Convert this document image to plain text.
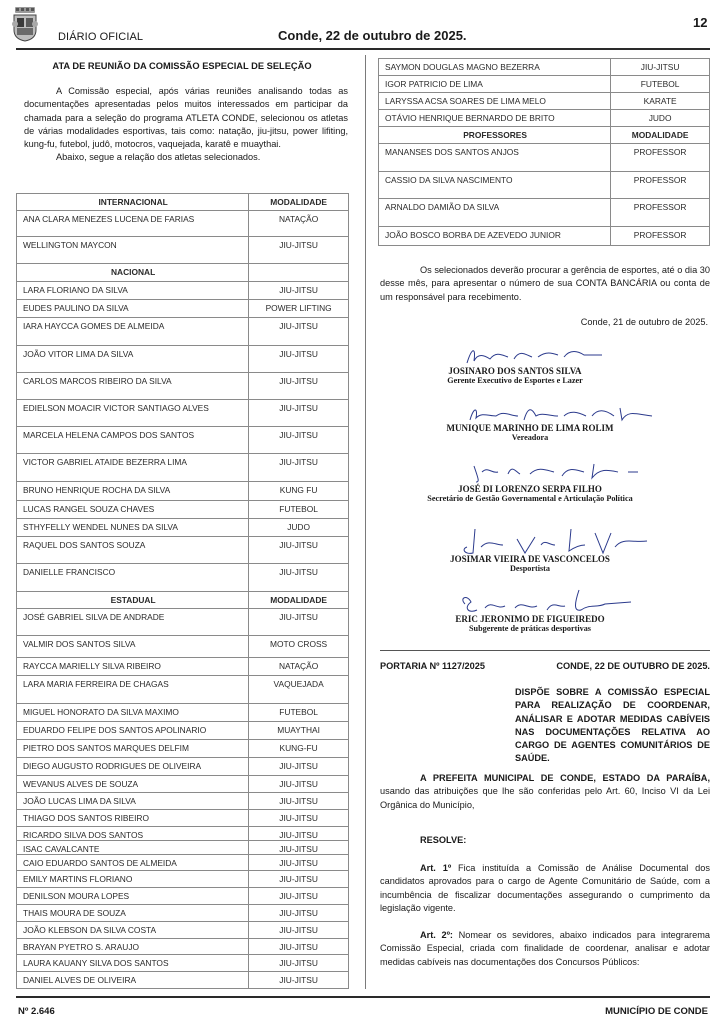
DIÁRIO OFICIAL	Conde, 22 de outubro de 2025.
12
ATA DE REUNIÃO DA COMISSÃO ESPECIAL DE SELEÇÃO
A Comissão especial, após várias reuniões analisando todas as documentações apresentadas pelos muitos interessados em participar da chamada para a seleção do programa ATLETA CONDE, selecionou os atletas de várias modalidades esportivas, tais como: natação, jiu-jitsu, power lifiting, kung-fu, futebol, judô, motocros, vaquejada, karatê e muaythai.
Abaixo, segue a relação dos atletas selecionados.
INTERNACIONAL	MODALIDADE
ANA CLARA MENEZES LUCENA DE FARIAS	NATAÇÃO
WELLINGTON MAYCON	JIU-JITSU
NACIONAL	
LARA FLORIANO DA SILVA	JIU-JITSU
EUDES PAULINO DA SILVA	POWER LIFTING
IARA HAYCCA GOMES DE ALMEIDA	JIU-JITSU
JOÃO VITOR LIMA DA SILVA	JIU-JITSU
CARLOS MARCOS RIBEIRO DA SILVA	JIU-JITSU
EDIELSON MOACIR VICTOR SANTIAGO ALVES	JIU-JITSU
MARCELA HELENA CAMPOS DOS SANTOS	JIU-JITSU
VICTOR GABRIEL ATAIDE BEZERRA LIMA	JIU-JITSU
BRUNO HENRIQUE ROCHA DA SILVA	KUNG FU
LUCAS RANGEL SOUZA CHAVES	FUTEBOL
STHYFELLY WENDEL NUNES DA SILVA	JUDO
RAQUEL DOS SANTOS SOUZA	JIU-JITSU
DANIELLE FRANCISCO	JIU-JITSU
ESTADUAL	MODALIDADE
JOSÉ GABRIEL SILVA DE ANDRADE	JIU-JITSU
VALMIR DOS SANTOS SILVA	MOTO CROSS
RAYCCA MARIELLY SILVA RIBEIRO	NATAÇÃO
LARA MARIA FERREIRA DE CHAGAS	VAQUEJADA
MIGUEL HONORATO DA SILVA MAXIMO	FUTEBOL
EDUARDO FELIPE DOS SANTOS APOLINARIO	MUAYTHAI
PIETRO DOS SANTOS MARQUES DELFIM	KUNG-FU
DIEGO AUGUSTO RODRIGUES DE OLIVEIRA	JIU-JITSU
WEVANUS ALVES DE SOUZA	JIU-JITSU
JOÃO LUCAS LIMA DA SILVA	JIU-JITSU
THIAGO DOS SANTOS RIBEIRO	JIU-JITSU
RICARDO SILVA DOS SANTOS	JIU-JITSU
ISAC CAVALCANTE	JIU-JITSU
CAIO EDUARDO SANTOS DE ALMEIDA	JIU-JITSU
EMILY MARTINS FLORIANO	JIU-JITSU
DENILSON MOURA LOPES	JIU-JITSU
THAIS MOURA DE SOUZA	JIU-JITSU
JOÃO KLEBSON DA SILVA COSTA	JIU-JITSU
BRAYAN PYETRO S. ARAUJO	JIU-JITSU
LAURA KAUANY SILVA DOS SANTOS	JIU-JITSU
DANIEL ALVES DE OLIVEIRA	JIU-JITSU
SAYMON DOUGLAS MAGNO BEZERRA	JIU-JITSU
IGOR PATRICIO DE LIMA	FUTEBOL
LARYSSA ACSA SOARES DE LIMA MELO	KARATE
OTÁVIO HENRIQUE BERNARDO DE BRITO	JUDO
PROFESSORES	MODALIDADE
MANANSES DOS SANTOS ANJOS	PROFESSOR
CASSIO DA SILVA NASCIMENTO	PROFESSOR
ARNALDO DAMIÃO DA SILVA	PROFESSOR
JOÃO BOSCO BORBA DE AZEVEDO JUNIOR	PROFESSOR
Os selecionados deverão procurar a gerência de esportes, até o dia 30 desse mês, para apresentar o número de sua CONTA BANCÁRIA ou conta de um responsável para recebimento.
Conde, 21 de outubro de 2025.
JOSINARO DOS SANTOS SILVA
Gerente Executivo de Esportes e Lazer
MUNIQUE MARINHO DE LIMA ROLIM
Vereadora
JOSÉ DI LORENZO SERPA FILHO
Secretário de Gestão Governamental e Articulação Política
JOSIMAR VIEIRA DE VASCONCELOS
Desportista
ERIC JERONIMO DE FIGUEIREDO
Subgerente de práticas desportivas
PORTARIA Nº 1127/2025	CONDE, 22 DE OUTUBRO DE 2025.
DISPÕE SOBRE A COMISSÃO ESPECIAL PARA REALIZAÇÃO DE COORDENAR, ANÁLISAR E ADOTAR MEDIDAS CABÍVEIS NAS DOCUMENTAÇÕES RELATIVA AO CARGO DE AGENTES COMUNITÁRIOS DE SAÚDE.
A PREFEITA MUNICIPAL DE CONDE, ESTADO DA PARAÍBA, usando das atribuições que lhe são conferidas pelo Art. 60, Inciso VI da Lei Orgânica do Município,
RESOLVE:
Art. 1º Fica instituída a Comissão de Análise Documental dos candidatos aprovados para o cargo de Agente Comunitário de Saúde, com a incumbência de fiscalizar documentações assegurando o cumprimento da legislação vigente.
Art. 2º: Nomear os sevidores, abaixo indicados para integrarema Comissão Especial, criada com finalidade de coordenar, analisar e adotar medidas cabíveis nas documentações dos Concursos Públicos:
Nº 2.646	MUNICÍPIO DE CONDE
